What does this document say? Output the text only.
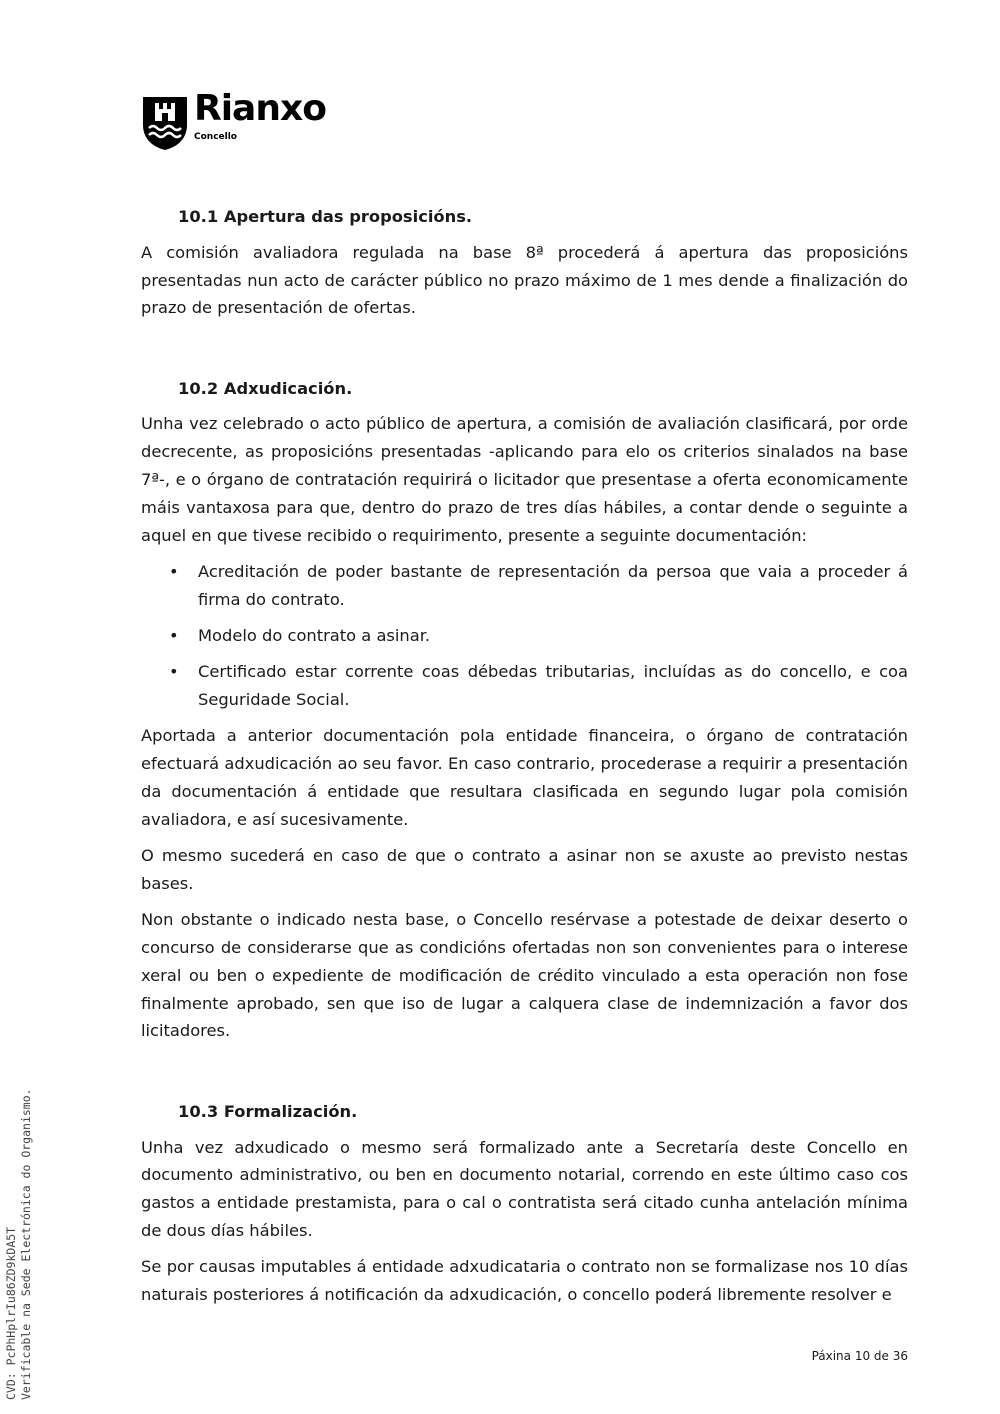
Rianxo
Concello
10.1 Apertura das proposicións.

A comisión avaliadora regulada na base 8ª procederá á apertura das proposicións presentadas nun acto de carácter público no prazo máximo de 1 mes dende a finalización do prazo de presentación de ofertas.

10.2 Adxudicación.

Unha vez celebrado o acto público de apertura, a comisión de avaliación clasificará, por orde decrecente, as proposicións presentadas -aplicando para elo os criterios sinalados na base 7ª-, e o órgano de contratación requirirá o licitador que presentase a oferta economicamente máis vantaxosa para que, dentro do prazo de tres días hábiles, a contar dende o seguinte a aquel en que tivese recibido o requirimento, presente a seguinte documentación:

• Acreditación de poder bastante de representación da persoa que vaia a proceder á firma do contrato.
• Modelo do contrato a asinar.
• Certificado estar corrente coas débedas tributarias, incluídas as do concello, e coa Seguridade Social.

Aportada a anterior documentación pola entidade financeira, o órgano de contratación efectuará adxudicación ao seu favor. En caso contrario, procederase a requirir a presentación da documentación á entidade que resultara clasificada en segundo lugar pola comisión avaliadora, e así sucesivamente.

O mesmo sucederá en caso de que o contrato a asinar non se axuste ao previsto nestas bases.

Non obstante o indicado nesta base, o Concello resérvase a potestade de deixar deserto o concurso de considerarse que as condicións ofertadas non son convenientes para o interese xeral ou ben o expediente de modificación de crédito vinculado a esta operación non fose finalmente aprobado, sen que iso de lugar a calquera clase de indemnización a favor dos licitadores.

10.3 Formalización.

Unha vez adxudicado o mesmo será formalizado ante a Secretaría deste Concello en documento administrativo, ou ben en documento notarial, correndo en este último caso cos gastos a entidade prestamista, para o cal o contratista será citado cunha antelación mínima de dous días hábiles.

Se por causas imputables á entidade adxudicataria o contrato non se formalizase nos 10 días naturais posteriores á notificación da adxudicación, o concello poderá libremente resolver e

Páxina 10 de 36
CVD: PcPhHplrIu86ZD9kDA5T Verificable na Sede Electrónica do Organismo.
